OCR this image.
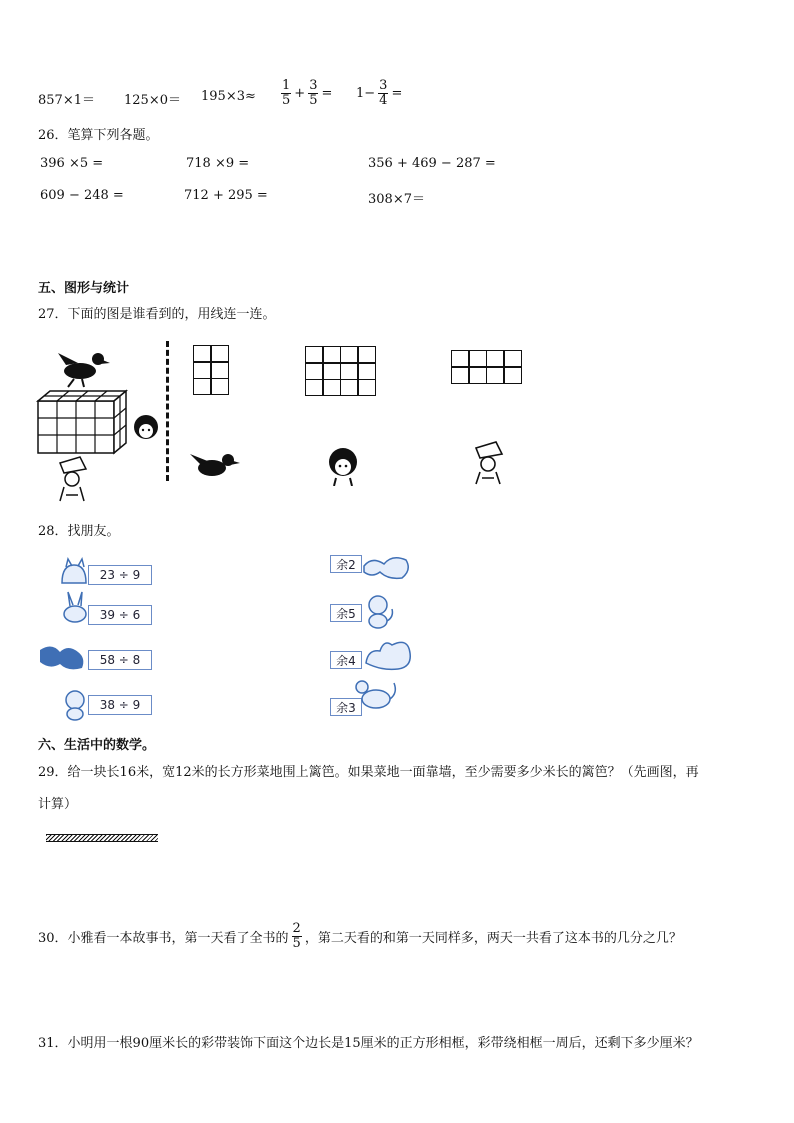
$857\times 1= 125\times 0= 195\times 3\approx \frac{1}{5} + \frac{3}{5} = 1- \frac{3}{4}$ =
26．笔算下列各题。
396 ×5 =	718 ×9 =	356 + 469 − 287 =
609 − 248 =	712 + 295 =	308×7＝
五、图形与统计
27．下面的图是谁看到的，用线连一连。
28．找朋友。
23 ÷ 9
39 ÷ 6
58 ÷ 8
38 ÷ 9
余2
余5
余4
余3
六、生活中的数学。
29．给一块长16米，宽12米的长方形菜地围上篱笆。如果菜地一面靠墙，至少需要多少米长的篱笆？（先画图，再
计算）
30．小雅看一本故事书，第一天看了全书的 $\frac{2}{5}$ ，第二天看的和第一天同样多，两天一共看了这本书的几分之几？
31．小明用一根90厘米长的彩带装饰下面这个边长是15厘米的正方形相框，彩带绕相框一周后，还剩下多少厘米？
